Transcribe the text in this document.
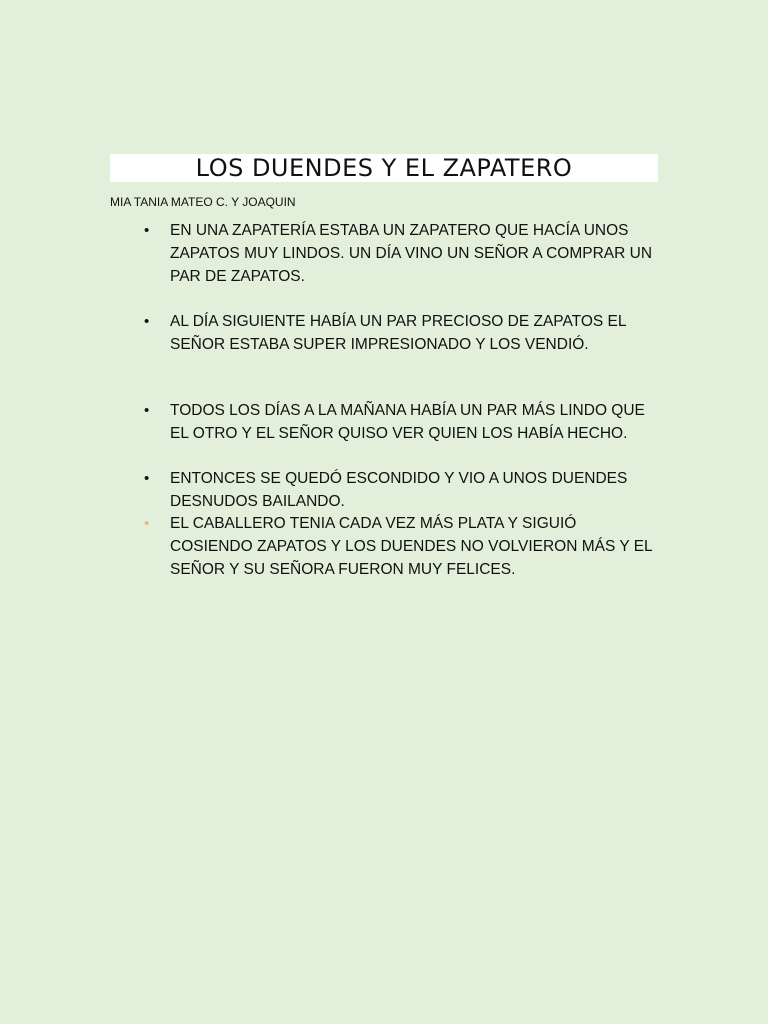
LOS DUENDES Y EL ZAPATERO
MIA TANIA MATEO C. Y JOAQUIN
• EN UNA ZAPATERÍA ESTABA UN ZAPATERO QUE HACÍA UNOS ZAPATOS MUY LINDOS. UN DÍA VINO UN SEÑOR A COMPRAR UN PAR DE ZAPATOS.
• AL DÍA SIGUIENTE HABÍA UN PAR PRECIOSO DE ZAPATOS EL SEÑOR ESTABA SUPER IMPRESIONADO Y LOS VENDIÓ.
• TODOS LOS DÍAS A LA MAÑANA HABÍA UN PAR MÁS LINDO QUE EL OTRO Y EL SEÑOR QUISO VER QUIEN LOS HABÍA HECHO.
• ENTONCES SE QUEDÓ ESCONDIDO Y VIO A UNOS DUENDES DESNUDOS BAILANDO.
• EL CABALLERO TENIA CADA VEZ MÁS PLATA Y SIGUIÓ COSIENDO ZAPATOS Y LOS DUENDES NO VOLVIERON MÁS Y EL SEÑOR Y SU SEÑORA FUERON MUY FELICES.
